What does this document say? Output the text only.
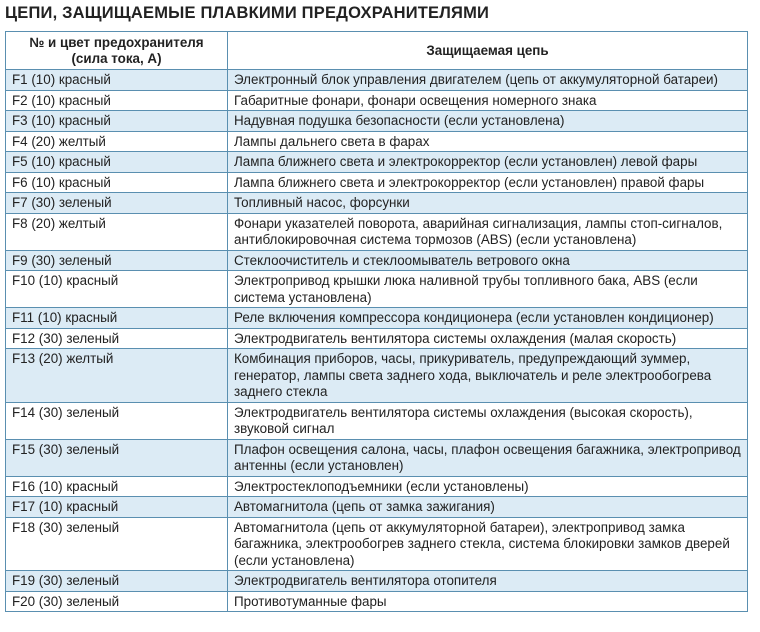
ЦЕПИ, ЗАЩИЩАЕМЫЕ ПЛАВКИМИ ПРЕДОХРАНИТЕЛЯМИ
№ и цвет предохранителя
(сила тока, А)	Защищаемая цепь
F1 (10) красный	Электронный блок управления двигателем (цепь от аккумуляторной батареи)
F2 (10) красный	Габаритные фонари, фонари освещения номерного знака
F3 (10) красный	Надувная подушка безопасности (если установлена)
F4 (20) желтый	Лампы дальнего света в фарах
F5 (10) красный	Лампа ближнего света и электрокорректор (если установлен) левой фары
F6 (10) красный	Лампа ближнего света и электрокорректор (если установлен) правой фары
F7 (30) зеленый	Топливный насос, форсунки
F8 (20) желтый	Фонари указателей поворота, аварийная сигнализация, лампы стоп-сигналов, антиблокировочная система тормозов (ABS) (если установлена)
F9 (30) зеленый	Стеклоочиститель и стеклоомыватель ветрового окна
F10 (10) красный	Электропривод крышки люка наливной трубы топливного бака, ABS (если система установлена)
F11 (10) красный	Реле включения компрессора кондиционера (если установлен кондиционер)
F12 (30) зеленый	Электродвигатель вентилятора системы охлаждения (малая скорость)
F13 (20) желтый	Комбинация приборов, часы, прикуриватель, предупреждающий зуммер, генератор, лампы света заднего хода, выключатель и реле электрообогрева заднего стекла
F14 (30) зеленый	Электродвигатель вентилятора системы охлаждения (высокая скорость), звуковой сигнал
F15 (30) зеленый	Плафон освещения салона, часы, плафон освещения багажника, электропривод антенны (если установлен)
F16 (10) красный	Электростеклоподъемники (если установлены)
F17 (10) красный	Автомагнитола (цепь от замка зажигания)
F18 (30) зеленый	Автомагнитола (цепь от аккумуляторной батареи), электропривод замка багажника, электрообогрев заднего стекла, система блокировки замков дверей (если установлена)
F19 (30) зеленый	Электродвигатель вентилятора отопителя
F20 (30) зеленый	Противотуманные фары
